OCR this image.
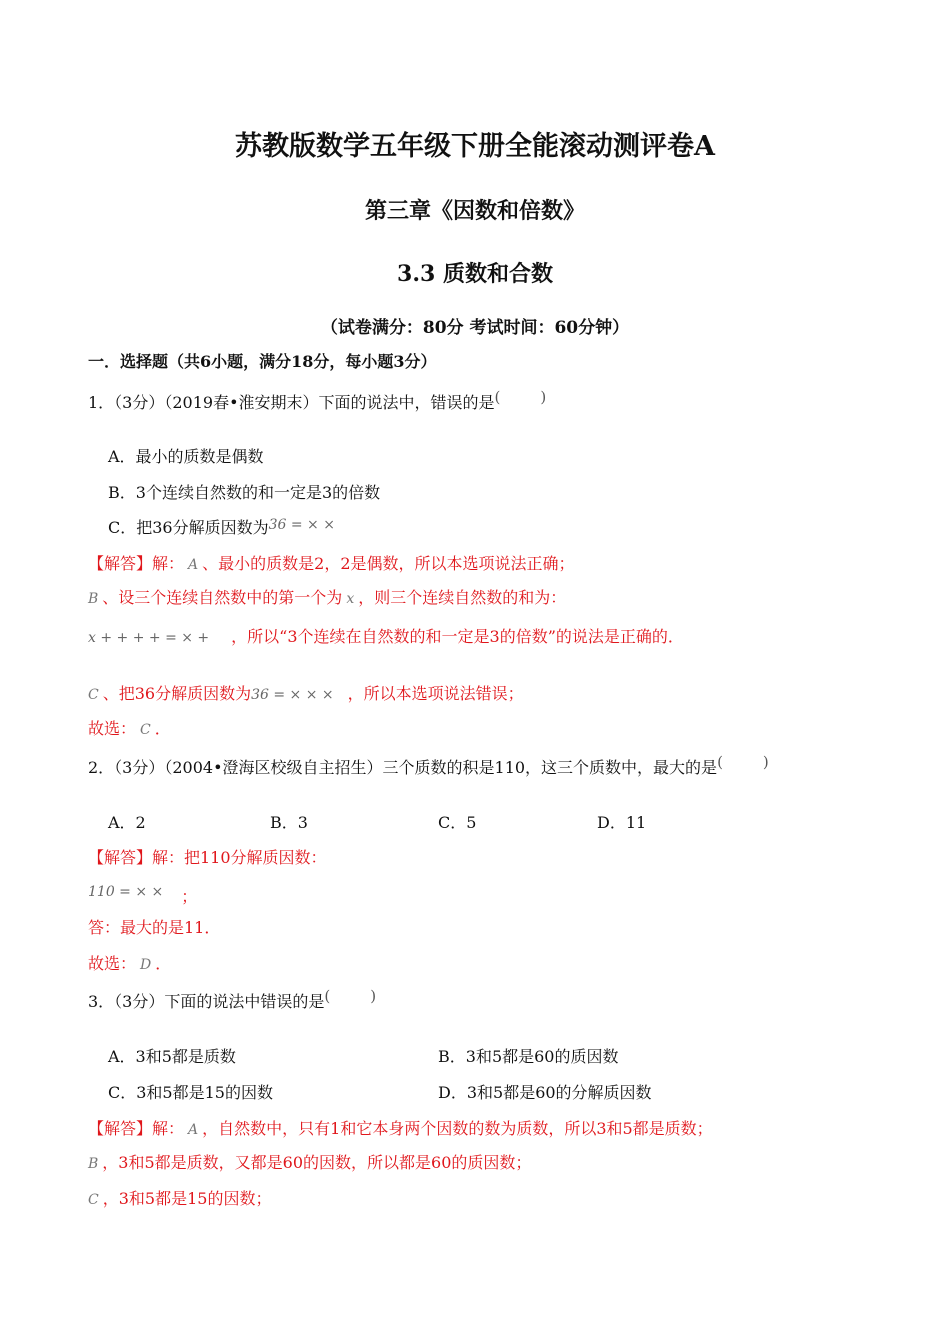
苏教版数学五年级下册全能滚动测评卷A
第三章《因数和倍数》
3.3 质数和合数
（试卷满分：80分 考试时间：60分钟）
一．选择题（共6小题，满分18分，每小题3分）
1．（3分）（2019春•淮安期末）下面的说法中，错误的是(	)
A．最小的质数是偶数
B．3个连续自然数的和一定是3的倍数
C．把36分解质因数为36 = × ×
【解答】解： A 、最小的质数是2，2是偶数，所以本选项说法正确；
B 、设三个连续自然数中的第一个为 x ，则三个连续自然数的和为：
x + + + + = × + ，所以“3个连续在自然数的和一定是3的倍数”的说法是正确的．
C 、把36分解质因数为36 = × × × ，所以本选项说法错误；
故选： C ．
2．（3分）（2004•澄海区校级自主招生）三个质数的积是110，这三个质数中，最大的是(	)
A．2	B．3	C．5	D．11
【解答】解：把110分解质因数：
110 = × × ；
答：最大的是11．
故选： D ．
3．（3分）下面的说法中错误的是(	)
A．3和5都是质数	B．3和5都是60的质因数
C．3和5都是15的因数	D．3和5都是60的分解质因数
【解答】解： A ，自然数中，只有1和它本身两个因数的数为质数，所以3和5都是质数；
B ，3和5都是质数，又都是60的因数，所以都是60的质因数；
C ，3和5都是15的因数；
